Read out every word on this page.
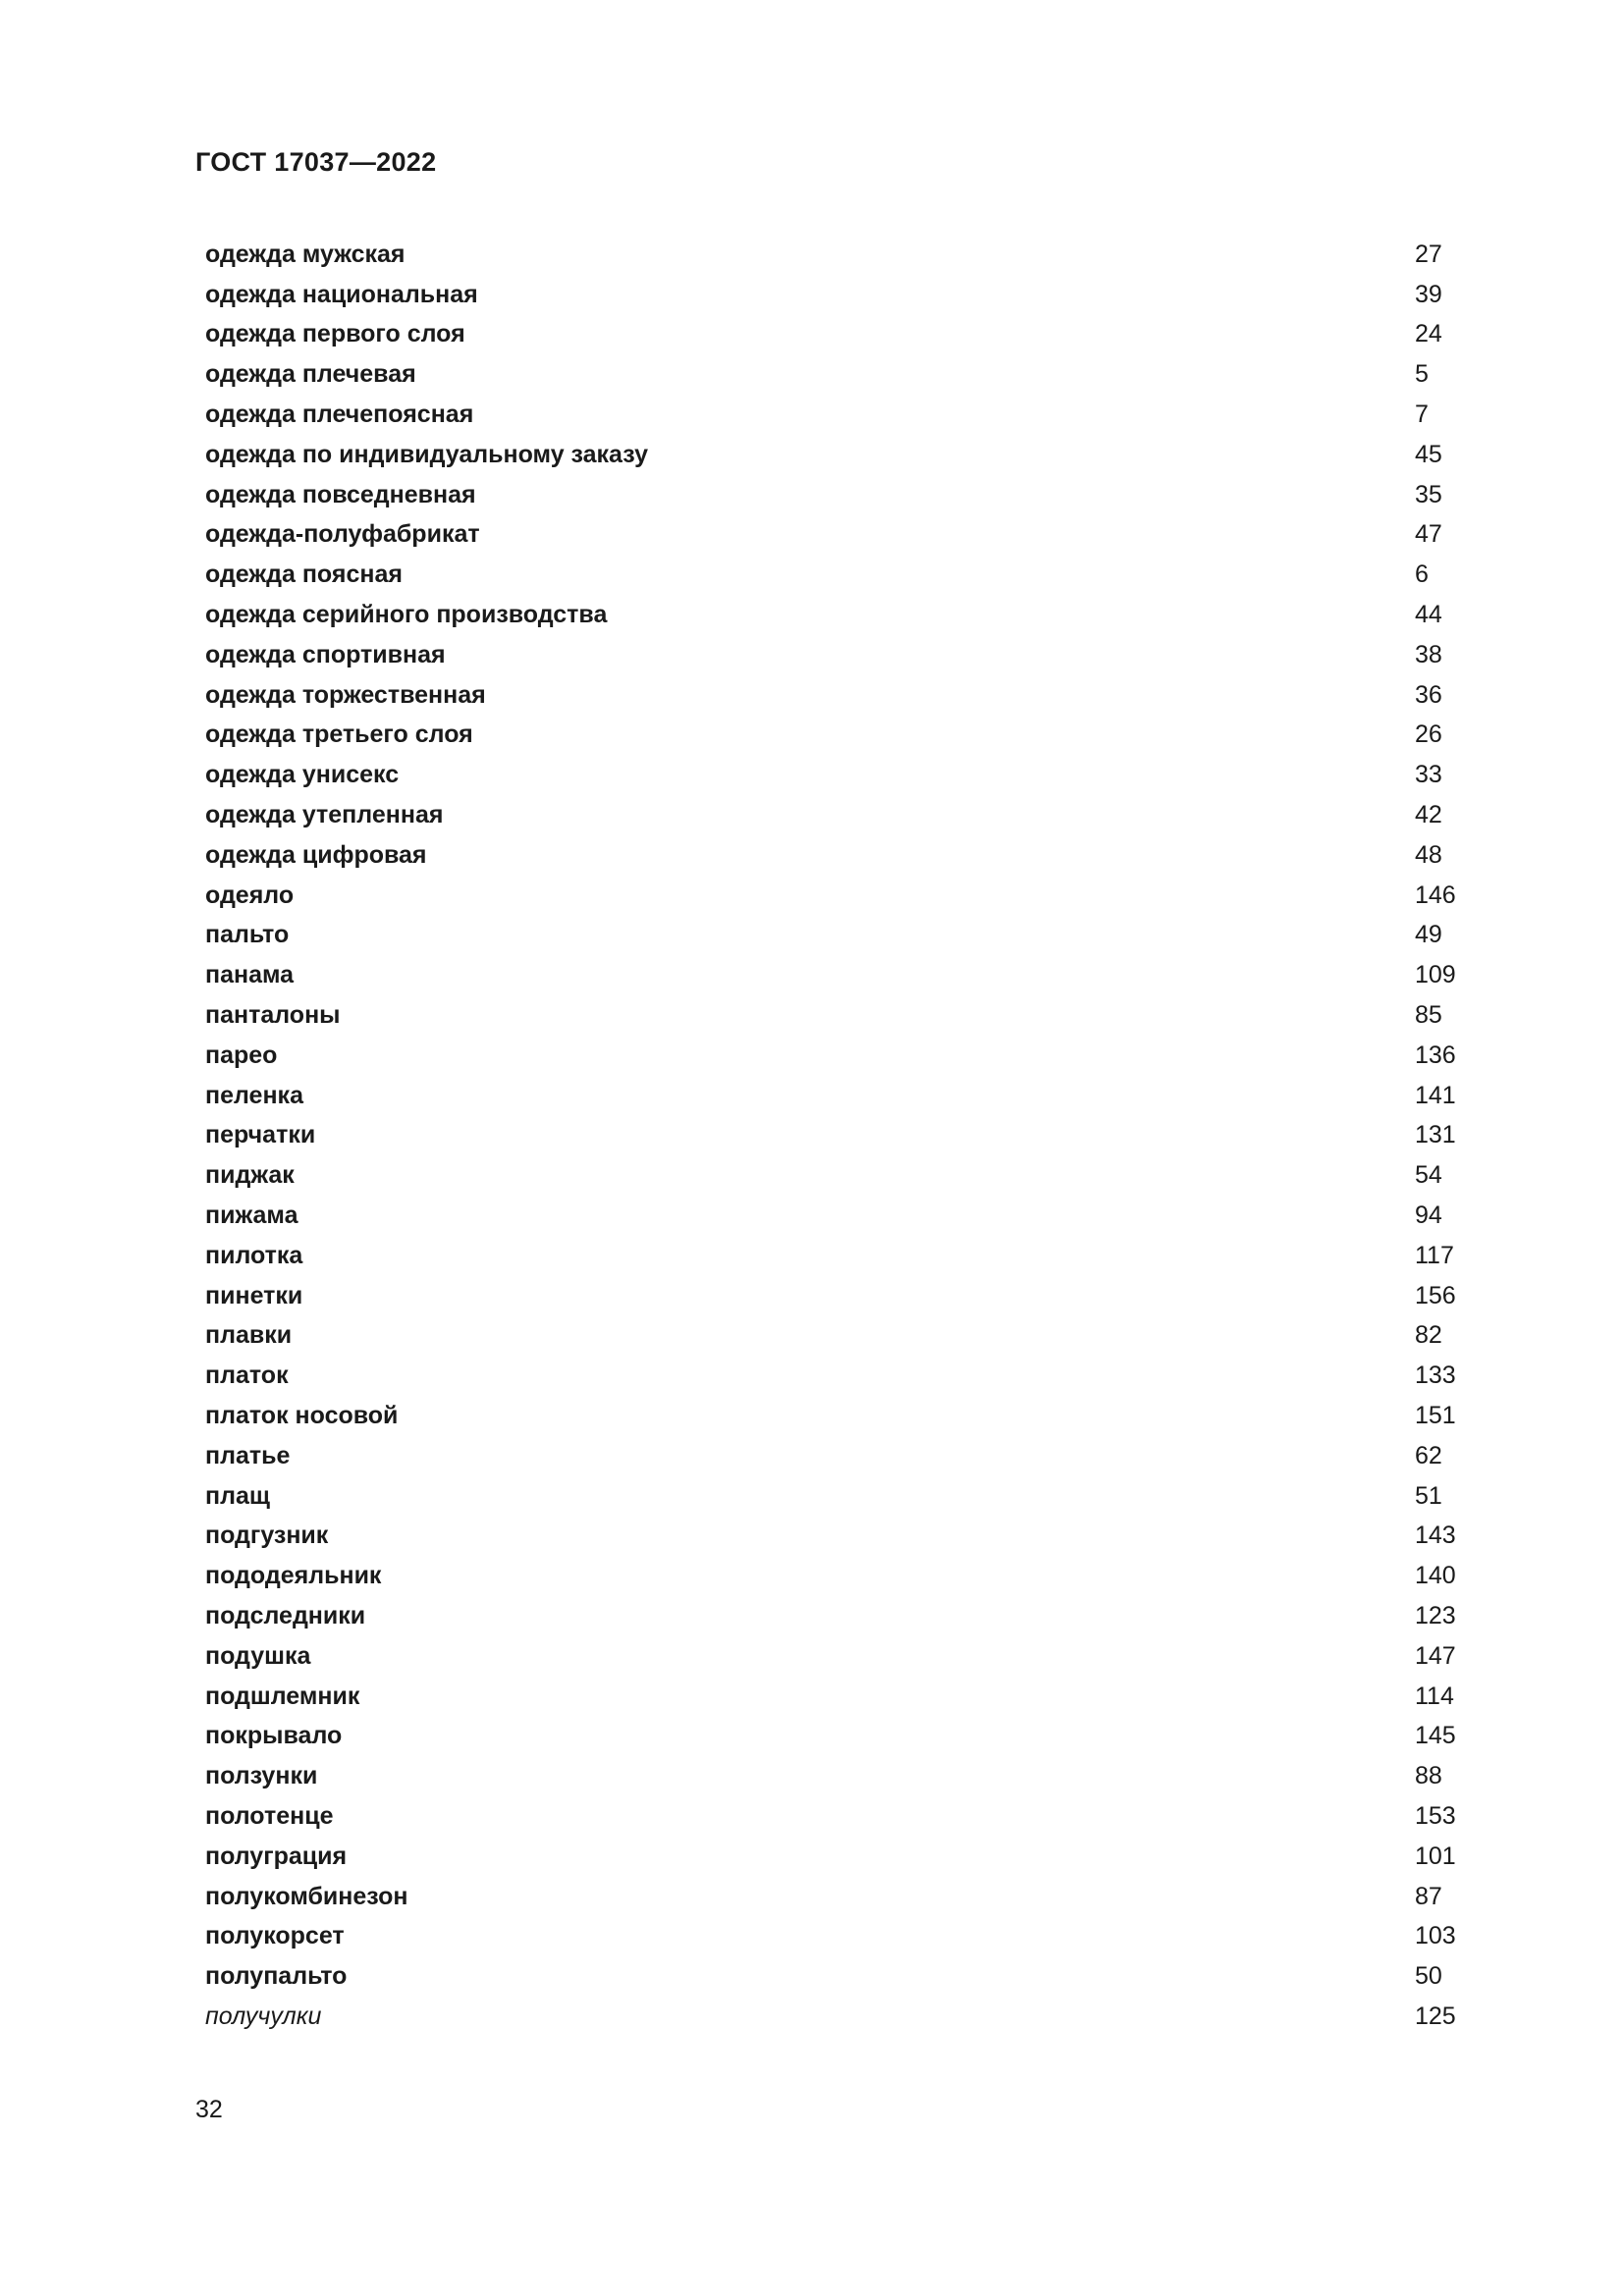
ГОСТ 17037—2022
одежда мужская	27
одежда национальная	39
одежда первого слоя	24
одежда плечевая	5
одежда плечепоясная	7
одежда по индивидуальному заказу	45
одежда повседневная	35
одежда-полуфабрикат	47
одежда поясная	6
одежда серийного производства	44
одежда спортивная	38
одежда торжественная	36
одежда третьего слоя	26
одежда унисекс	33
одежда утепленная	42
одежда цифровая	48
одеяло	146
пальто	49
панама	109
панталоны	85
парео	136
пеленка	141
перчатки	131
пиджак	54
пижама	94
пилотка	117
пинетки	156
плавки	82
платок	133
платок носовой	151
платье	62
плащ	51
подгузник	143
пододеяльник	140
подследники	123
подушка	147
подшлемник	114
покрывало	145
ползунки	88
полотенце	153
полуграция	101
полукомбинезон	87
полукорсет	103
полупальто	50
получулки	125
32
